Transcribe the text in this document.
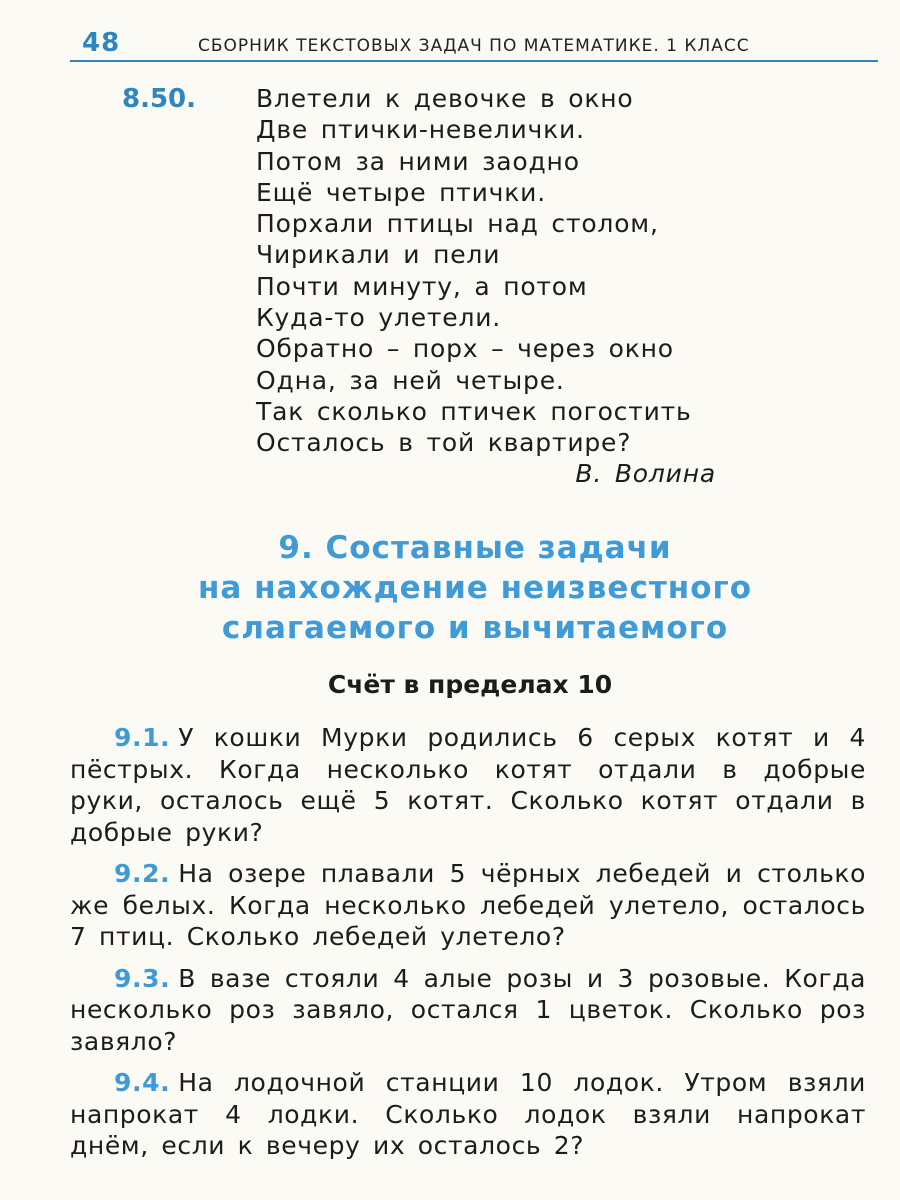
48	СБОРНИК ТЕКСТОВЫХ ЗАДАЧ ПО МАТЕМАТИКЕ. 1 КЛАСС
8.50. Влетели к девочке в окно
Две птички-невелички.
Потом за ними заодно
Ещё четыре птички.
Порхали птицы над столом,
Чирикали и пели
Почти минуту, а потом
Куда-то улетели.
Обратно – порх – через окно
Одна, за ней четыре.
Так сколько птичек погостить
Осталось в той квартире?
В. Волина
9. Составные задачи
на нахождение неизвестного
слагаемого и вычитаемого
Счёт в пределах 10

9.1. У кошки Мурки родились 6 серых котят и 4 пёстрых. Когда несколько котят отдали в добрые руки, осталось ещё 5 котят. Сколько котят отдали в добрые руки?

9.2. На озере плавали 5 чёрных лебедей и столько же белых. Когда несколько лебедей улетело, осталось 7 птиц. Сколько лебедей улетело?

9.3. В вазе стояли 4 алые розы и 3 розовые. Когда несколько роз завяло, остался 1 цветок. Сколько роз завяло?

9.4. На лодочной станции 10 лодок. Утром взяли напрокат 4 лодки. Сколько лодок взяли напрокат днём, если к вечеру их осталось 2?
